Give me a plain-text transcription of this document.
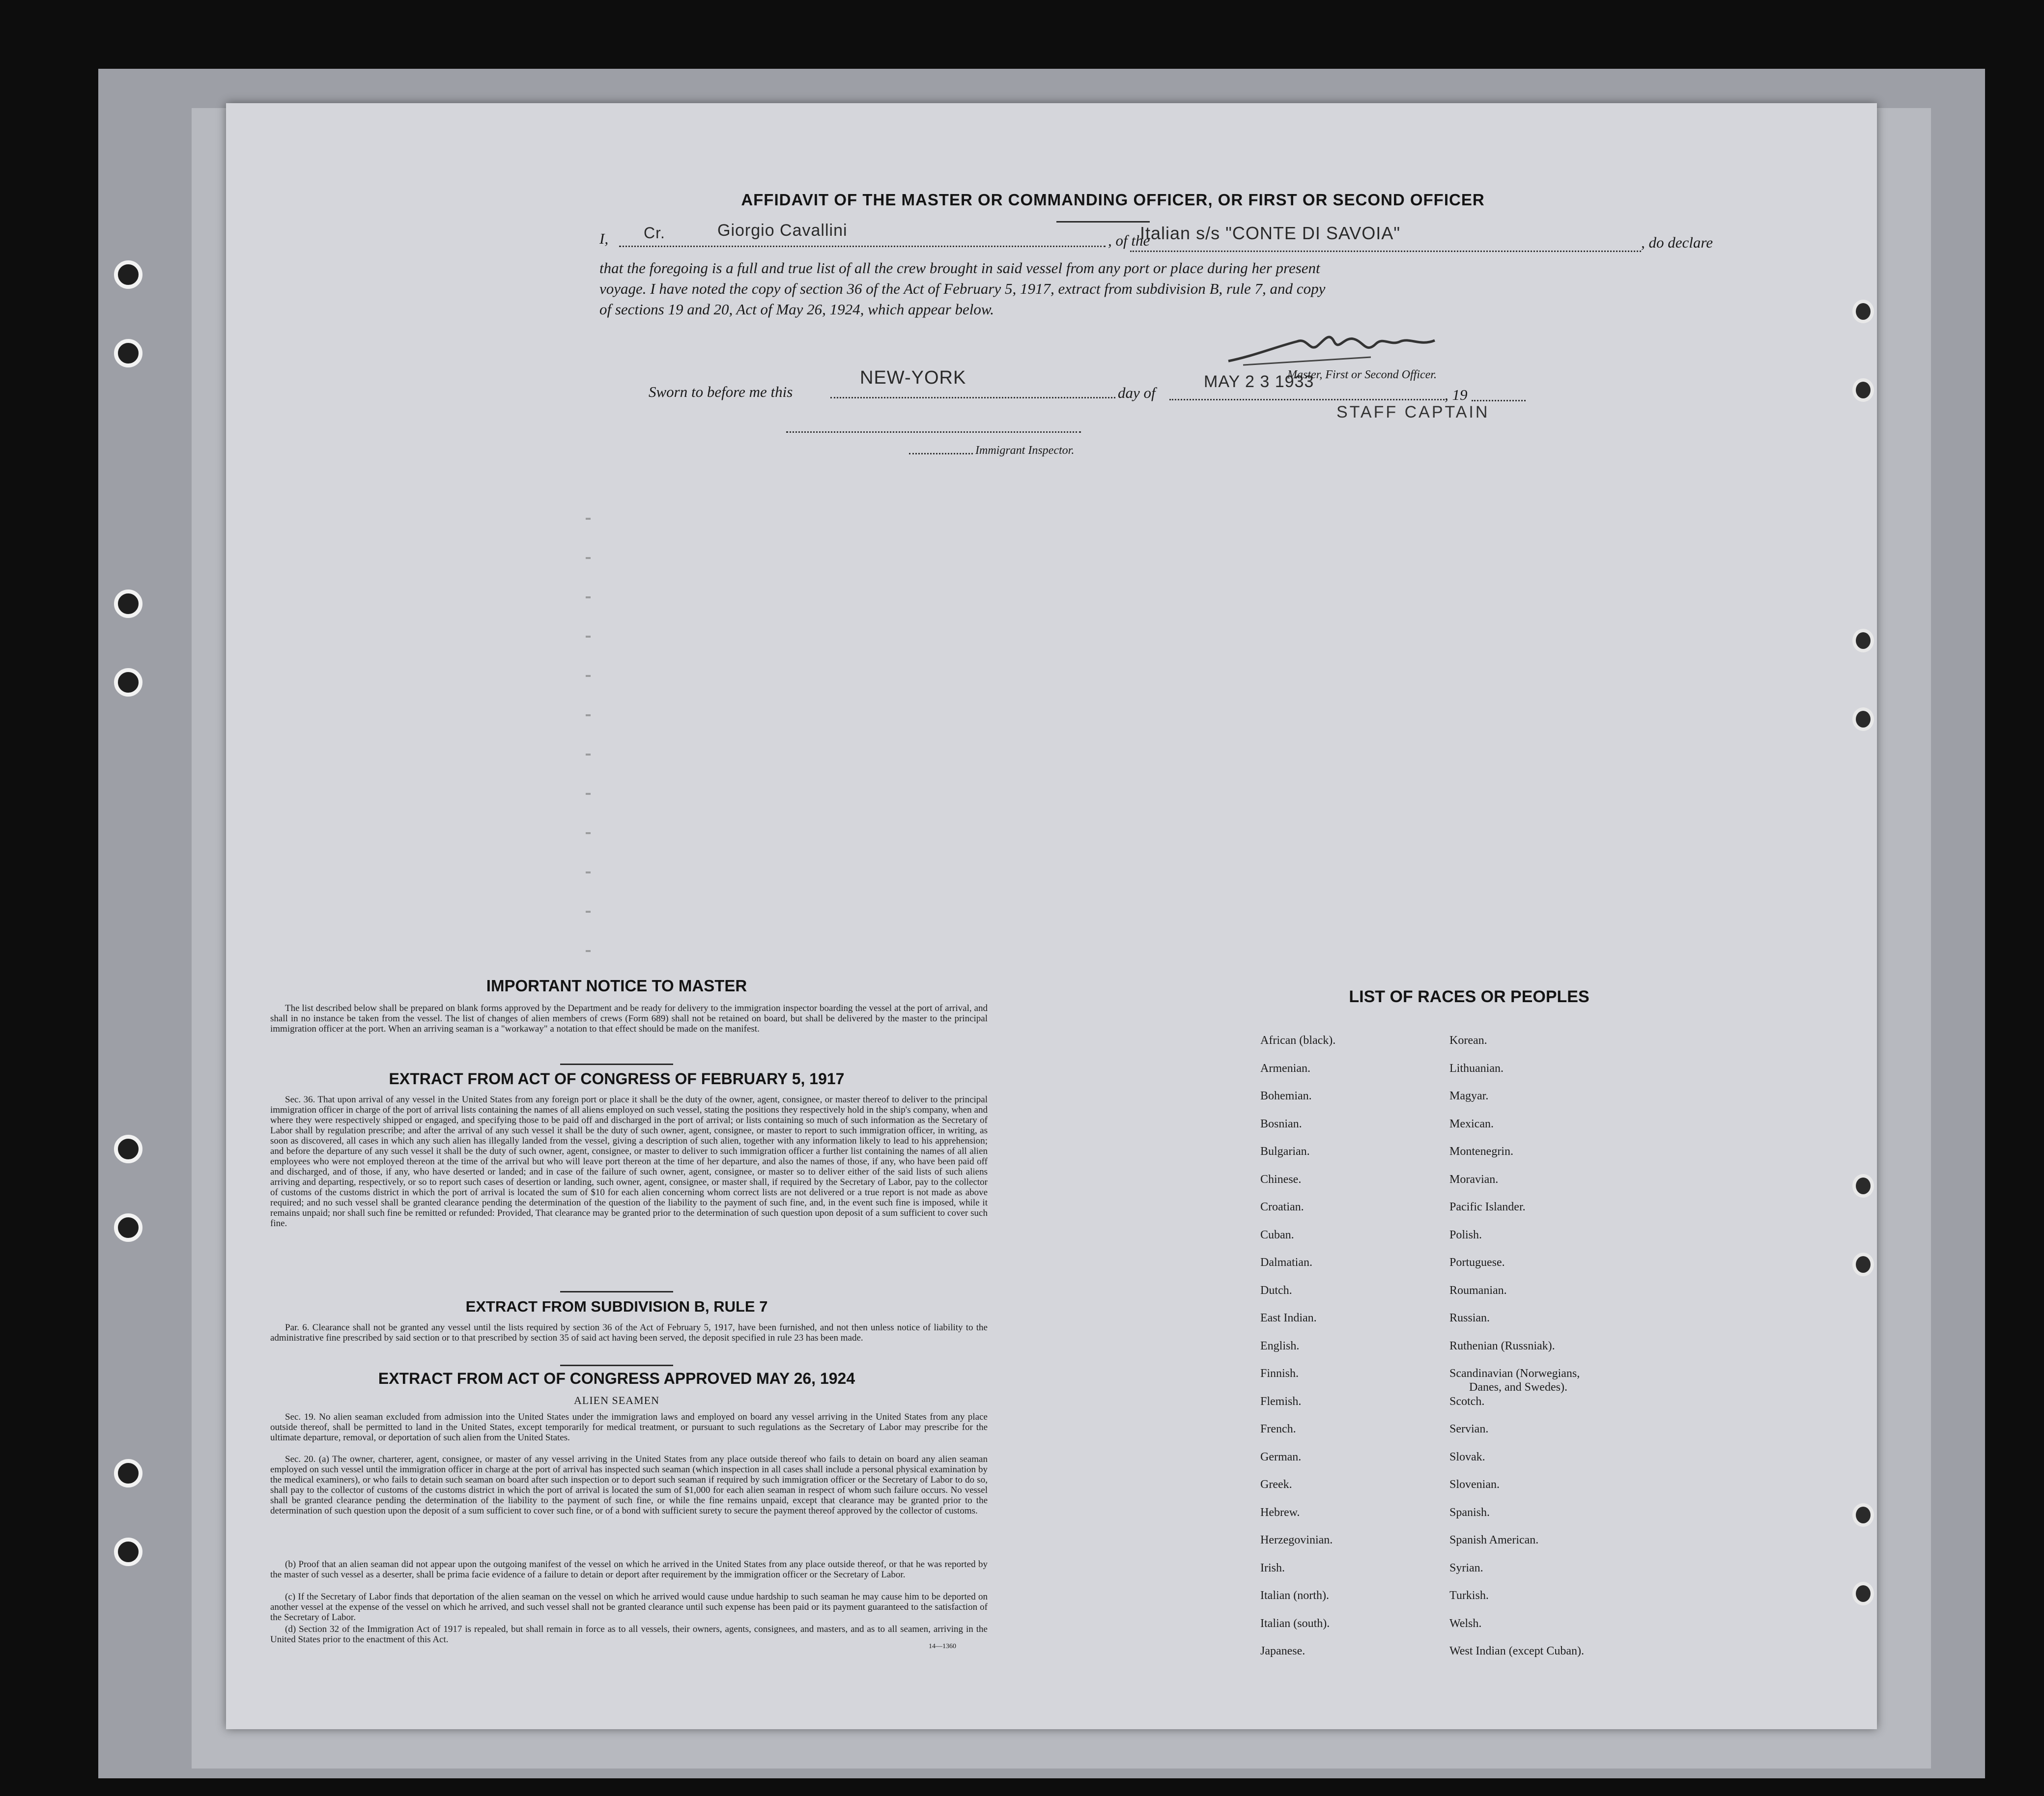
AFFIDAVIT OF THE MASTER OR COMMANDING OFFICER, OR FIRST OR SECOND OFFICER
I, Cr.	Giorgio Cavallini
, of the
Italian s/s "CONTE DI SAVOIA"	, do declare
that the foregoing is a full and true list of all the crew brought in said vessel from any port or place during her present
voyage. I have noted the copy of section 36 of the Act of February 5, 1917, extract from subdivision B, rule 7, and copy
of sections 19 and 20, Act of May 26, 1924, which appear below.
Sworn to before me this
NEW-YORK
day of
MAY 2 3 1933
, 19
Master, First or Second Officer.
STAFF CAPTAIN
Immigrant Inspector.
IMPORTANT NOTICE TO MASTER
The list described below shall be prepared on blank forms approved by the Department and be ready for delivery to the immigration inspector boarding the vessel at the port of arrival, and shall in no instance be taken from the vessel. The list of changes of alien members of crews (Form 689) shall not be retained on board, but shall be delivered by the master to the principal immigration officer at the port. When an arriving seaman is a "workaway" a notation to that effect should be made on the manifest.
EXTRACT FROM ACT OF CONGRESS OF FEBRUARY 5, 1917
Sec. 36. That upon arrival of any vessel in the United States from any foreign port or place it shall be the duty of the owner, agent, consignee, or master thereof to deliver to the principal immigration officer in charge of the port of arrival lists containing the names of all aliens employed on such vessel, stating the positions they respectively hold in the ship's company, when and where they were respectively shipped or engaged, and specifying those to be paid off and discharged in the port of arrival; or lists containing so much of such information as the Secretary of Labor shall by regulation prescribe; and after the arrival of any such vessel it shall be the duty of such owner, agent, consignee, or master to report to such immigration officer, in writing, as soon as discovered, all cases in which any such alien has illegally landed from the vessel, giving a description of such alien, together with any information likely to lead to his apprehension; and before the departure of any such vessel it shall be the duty of such owner, agent, consignee, or master to deliver to such immigration officer a further list containing the names of all alien employees who were not employed thereon at the time of the arrival but who will leave port thereon at the time of her departure, and also the names of those, if any, who have been paid off and discharged, and of those, if any, who have deserted or landed; and in case of the failure of such owner, agent, consignee, or master so to deliver either of the said lists of such aliens arriving and departing, respectively, or so to report such cases of desertion or landing, such owner, agent, consignee, or master shall, if required by the Secretary of Labor, pay to the collector of customs of the customs district in which the port of arrival is located the sum of $10 for each alien concerning whom correct lists are not delivered or a true report is not made as above required; and no such vessel shall be granted clearance pending the determination of the question of the liability to the payment of such fine, and, in the event such fine is imposed, while it remains unpaid; nor shall such fine be remitted or refunded: Provided, That clearance may be granted prior to the determination of such question upon deposit of a sum sufficient to cover such fine.
EXTRACT FROM SUBDIVISION B, RULE 7
Par. 6. Clearance shall not be granted any vessel until the lists required by section 36 of the Act of February 5, 1917, have been furnished, and not then unless notice of liability to the administrative fine prescribed by said section or to that prescribed by section 35 of said act having been served, the deposit specified in rule 23 has been made.
EXTRACT FROM ACT OF CONGRESS APPROVED MAY 26, 1924
ALIEN SEAMEN
Sec. 19. No alien seaman excluded from admission into the United States under the immigration laws and employed on board any vessel arriving in the United States from any place outside thereof, shall be permitted to land in the United States, except temporarily for medical treatment, or pursuant to such regulations as the Secretary of Labor may prescribe for the ultimate departure, removal, or deportation of such alien from the United States.
Sec. 20. (a) The owner, charterer, agent, consignee, or master of any vessel arriving in the United States from any place outside thereof who fails to detain on board any alien seaman employed on such vessel until the immigration officer in charge at the port of arrival has inspected such seaman (which inspection in all cases shall include a personal physical examination by the medical examiners), or who fails to detain such seaman on board after such inspection or to deport such seaman if required by such immigration officer or the Secretary of Labor to do so, shall pay to the collector of customs of the customs district in which the port of arrival is located the sum of $1,000 for each alien seaman in respect of whom such failure occurs. No vessel shall be granted clearance pending the determination of the liability to the payment of such fine, or while the fine remains unpaid, except that clearance may be granted prior to the determination of such question upon the deposit of a sum sufficient to cover such fine, or of a bond with sufficient surety to secure the payment thereof approved by the collector of customs.
(b) Proof that an alien seaman did not appear upon the outgoing manifest of the vessel on which he arrived in the United States from any place outside thereof, or that he was reported by the master of such vessel as a deserter, shall be prima facie evidence of a failure to detain or deport after requirement by the immigration officer or the Secretary of Labor.
(c) If the Secretary of Labor finds that deportation of the alien seaman on the vessel on which he arrived would cause undue hardship to such seaman he may cause him to be deported on another vessel at the expense of the vessel on which he arrived, and such vessel shall not be granted clearance until such expense has been paid or its payment guaranteed to the satisfaction of the Secretary of Labor.
(d) Section 32 of the Immigration Act of 1917 is repealed, but shall remain in force as to all vessels, their owners, agents, consignees, and masters, and as to all seamen, arriving in the United States prior to the enactment of this Act.
14—1360
LIST OF RACES OR PEOPLES
African (black).
Armenian.
Bohemian.
Bosnian.
Bulgarian.
Chinese.
Croatian.
Cuban.
Dalmatian.
Dutch.
East Indian.
English.
Finnish.
Flemish.
French.
German.
Greek.
Hebrew.
Herzegovinian.
Irish.
Italian (north).
Italian (south).
Japanese.
Korean.
Lithuanian.
Magyar.
Mexican.
Montenegrin.
Moravian.
Pacific Islander.
Polish.
Portuguese.
Roumanian.
Russian.
Ruthenian (Russniak).
Scandinavian (Norwegians,
Danes, and Swedes).
Scotch.
Servian.
Slovak.
Slovenian.
Spanish.
Spanish American.
Syrian.
Turkish.
Welsh.
West Indian (except Cuban).
